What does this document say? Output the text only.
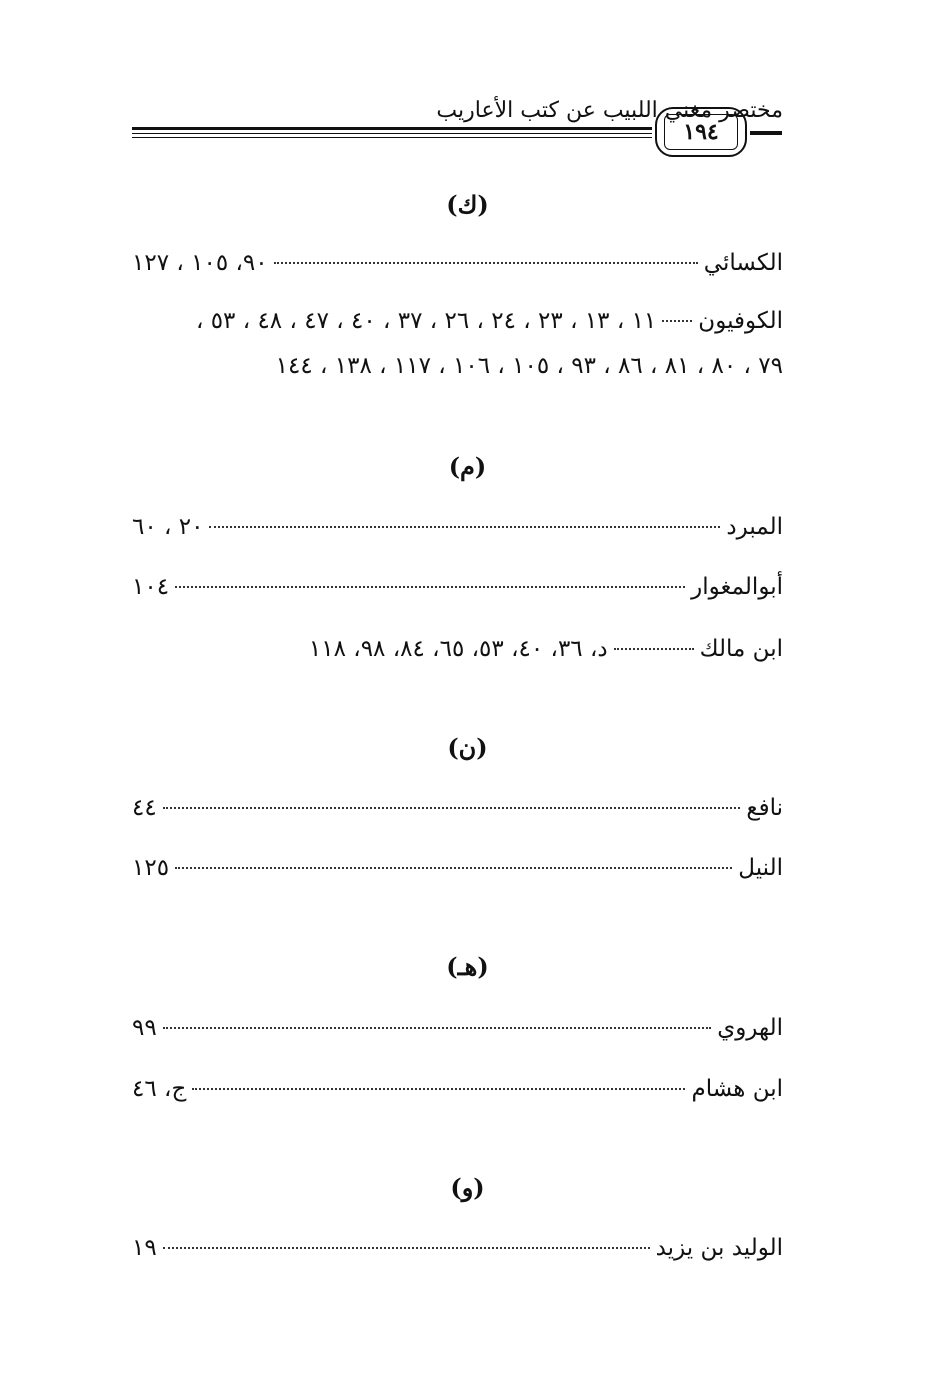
مختصر مغني اللبيب عن كتب الأعاريب
١٩٤
(ك)
الكسائي
٩٠، ١٠٥ ، ١٢٧
الكوفيون
١١ ، ١٣ ، ٢٣ ، ٢٤ ، ٢٦ ، ٣٧ ، ٤٠ ، ٤٧ ، ٤٨ ، ٥٣ ،
٧٩ ، ٨٠ ، ٨١ ، ٨٦ ، ٩٣ ، ١٠٥ ، ١٠٦ ، ١١٧ ، ١٣٨ ، ١٤٤
(م)
المبرد
٢٠ ، ٦٠
أبوالمغوار
١٠٤
ابن مالك
د، ٣٦، ٤٠، ٥٣، ٦٥، ٨٤، ٩٨، ١١٨
(ن)
نافع
٤٤
النيل
١٢٥
(هـ)
الهروي
٩٩
ابن هشام
ج، ٤٦
(و)
الوليد بن يزيد
١٩
